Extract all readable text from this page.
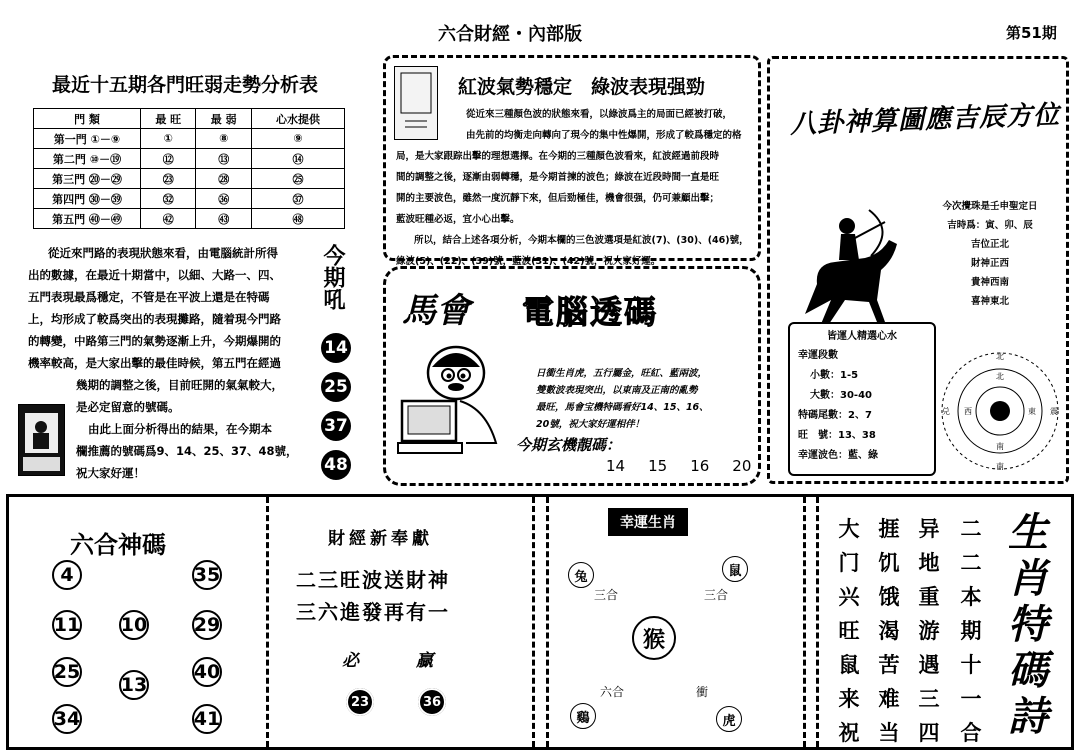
六合財經・內部版	第51期
最近十五期各門旺弱走勢分析表
門 類	最 旺	最 弱	心水提供
第一門 ①－⑨	①	⑧	⑨
第二門 ⑩－⑲	⑫	⑬	⑭
第三門 ⑳－㉙	㉓	㉘	㉕
第四門 ㉚－㊴	㉜	㊱	㊲
第五門 ㊵－㊾	㊷	㊸	㊽
從近來門路的表現狀態來看，由電腦統計所得
出的數據，在最近十期當中，以細、大路一、四、
五門表現最爲穩定，不管是在平波上還是在特碼
上，均形成了較爲突出的表現攤路，隨着現今門路
的轉變，中路第三門的氣勢逐漸上升，今期爆開的
機率較高，是大家出擊的最佳時候，第五門在經過
幾期的調整之後，目前旺開的氣氣較大，
是必定留意的號碼。
由此上面分析得出的結果，在今期本
欄推薦的號碼爲9、14、25、37、48號，
祝大家好運！
今期吼
14
25
37
48
紅波氣勢穩定　綠波表現强勁
從近來三種顏色波的狀態來看，以綠波爲主的局面已經被打破，
由先前的均衡走向轉向了現今的集中性爆開，形成了較爲穩定的格
局，是大家跟踪出擊的理想選擇。在今期的三種顏色波看來，紅波經過前段時
間的調整之後，逐漸由弱轉穩，是今期首揀的波色；綠波在近段時間一直是旺
開的主要波色，雖然一度沉靜下來，但后勁極佳，機會很强，仍可兼顧出擊；
藍波旺種必返，宜小心出擊。
所以，結合上述各項分析，今期本欄的三色波選項是紅波(7)、(30)、(46)號，
綠波(5)、(22)、(39)號，藍波(31)、(42)號，祝大家好運。
馬會 電腦透碼
日衝生肖虎，五行屬金，旺紅、藍兩波，
雙數波表現突出，以東南及正南的亂勢
最旺，馬會宝機特碼看好14、15、16、
20號，祝大家好運相伴！
今期玄機靚碼：
14 15 16 20
八卦神算圖應吉辰方位
今次攪珠是壬申聖定日
吉時爲：寅、卯、辰
吉位正北
財神正西
貴神西南
喜神東北
皆運人精選心水
幸運段數
小數：1-5
大數：30-40
特碼尾數：2、7
旺　號：13、38
幸運波色：藍、綠
北
南
兑	震
北
南
西	東
六合神碼
4	35
11 10 29
25
13
40
34	41
財經新奉獻
二三旺波送財神
三六進發再有一
必	贏
23	36
幸運生肖
兔	鼠
三合	三合
猴
六合	衝
鷄	虎
大门兴旺鼠来祝
捱饥饿渴苦难当
异地重游遇三四
二二本期十一合
生肖特碼詩
